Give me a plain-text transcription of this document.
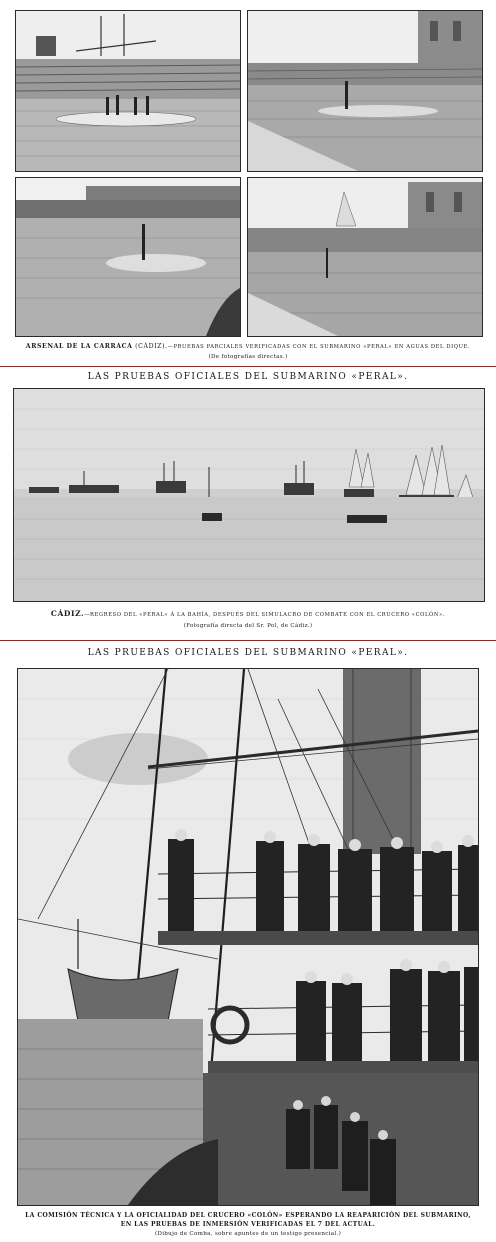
ARSENAL DE LA CARRACA (CÁDIZ).—PRUEBAS PARCIALES VERIFICADAS CON EL SUBMARINO «PERAL» EN AGUAS DEL DIQUE.
(De fotografías directas.)
LAS PRUEBAS OFICIALES DEL SUBMARINO «PERAL».
CÁDIZ.—REGRESO DEL «PERAL» Á LA BAHÍA, DESPUÉS DEL SIMULACRO DE COMBATE CON EL CRUCERO «COLÓN».
(Fotografía directa del Sr. Pol, de Cádiz.)
LAS PRUEBAS OFICIALES DEL SUBMARINO «PERAL».
LA COMISIÓN TÉCNICA Y LA OFICIALIDAD DEL CRUCERO «COLÓN» ESPERANDO LA REAPARICIÓN DEL SUBMARINO,
EN LAS PRUEBAS DE INMERSIÓN VERIFICADAS EL 7 DEL ACTUAL.
(Dibujo de Comba, sobre apuntes de un testigo presencial.)
